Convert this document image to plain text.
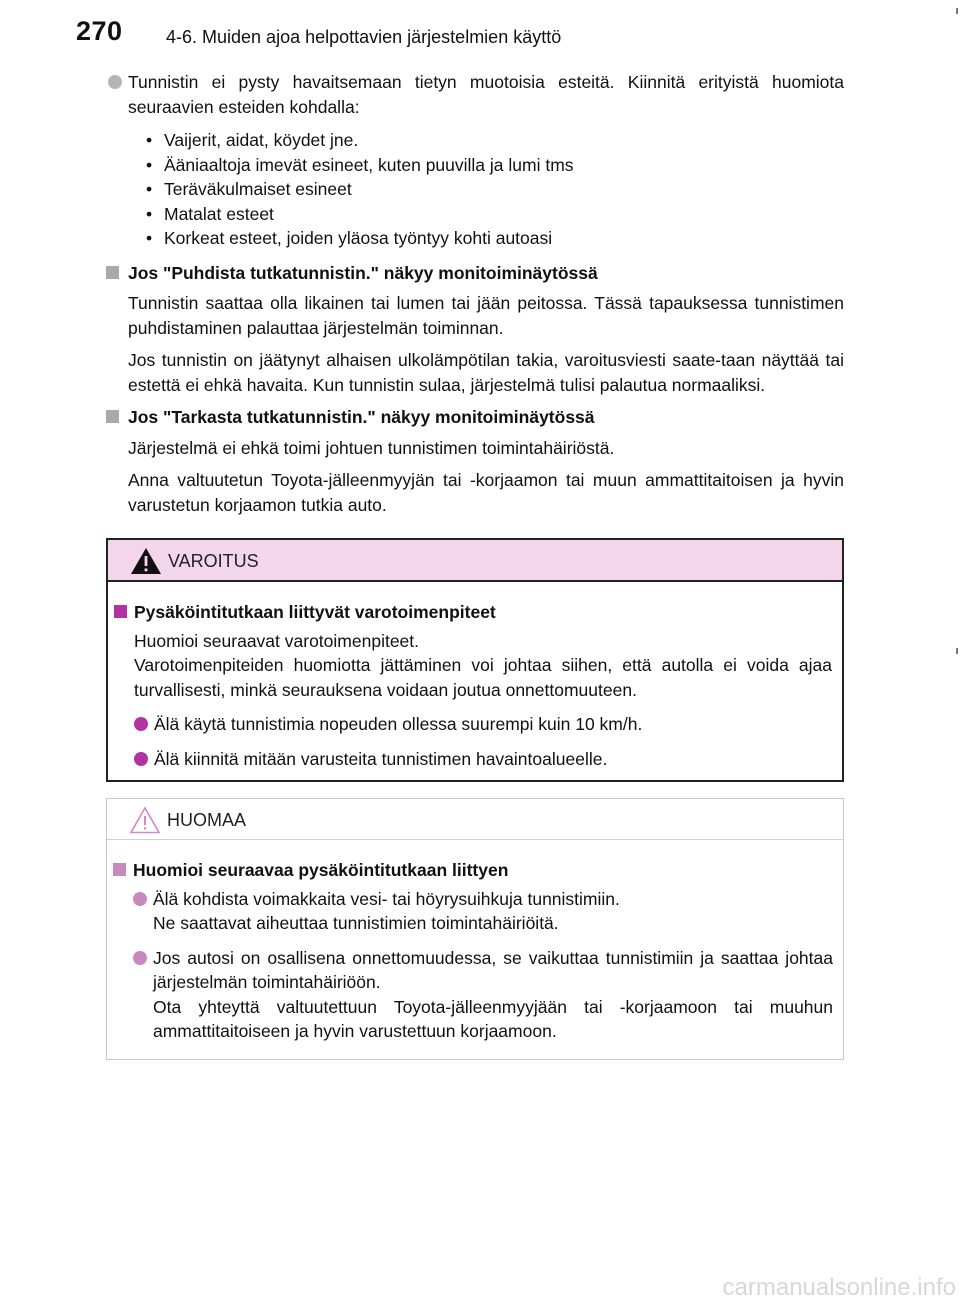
270 4-6. Muiden ajoa helpottavien järjestelmien käyttö

Tunnistin ei pysty havaitsemaan tietyn muotoisia esteitä. Kiinnitä erityistä huomiota seuraavien esteiden kohdalla:

• Vaijerit, aidat, köydet jne.
• Ääniaaltoja imevät esineet, kuten puuvilla ja lumi tms
• Teräväkulmaiset esineet
• Matalat esteet
• Korkeat esteet, joiden yläosa työntyy kohti autoasi
Jos "Puhdista tutkatunnistin." näkyy monitoiminäytössä

Tunnistin saattaa olla likainen tai lumen tai jään peitossa. Tässä tapauksessa tunnistimen puhdistaminen palauttaa järjestelmän toiminnan.

Jos tunnistin on jäätynyt alhaisen ulkolämpötilan takia, varoitusviesti saate-taan näyttää tai estettä ei ehkä havaita. Kun tunnistin sulaa, järjestelmä tulisi palautua normaaliksi.

Jos "Tarkasta tutkatunnistin." näkyy monitoiminäytössä

Järjestelmä ei ehkä toimi johtuen tunnistimen toimintahäiriöstä.

Anna valtuutetun Toyota-jälleenmyyjän tai -korjaamon tai muun ammattitaitoisen ja hyvin varustetun korjaamon tutkia auto.

VAROITUS
Pysäköintitutkaan liittyvät varotoimenpiteet

Huomioi seuraavat varotoimenpiteet.

Varotoimenpiteiden huomiotta jättäminen voi johtaa siihen, että autolla ei voida ajaa turvallisesti, minkä seurauksena voidaan joutua onnettomuuteen.

Älä käytä tunnistimia nopeuden ollessa suurempi kuin 10 km/h.

Älä kiinnitä mitään varusteita tunnistimen havaintoalueelle.

HUOMAA
Huomioi seuraavaa pysäköintitutkaan liittyen

Älä kohdista voimakkaita vesi- tai höyrysuihkuja tunnistimiin.

Ne saattavat aiheuttaa tunnistimien toimintahäiriöitä.

Jos autosi on osallisena onnettomuudessa, se vaikuttaa tunnistimiin ja saattaa johtaa järjestelmän toimintahäiriöön.

Ota yhteyttä valtuutettuun Toyota-jälleenmyyjään tai -korjaamoon tai muuhun ammattitaitoiseen ja hyvin varustettuun korjaamoon.

carmanualsonline.info
